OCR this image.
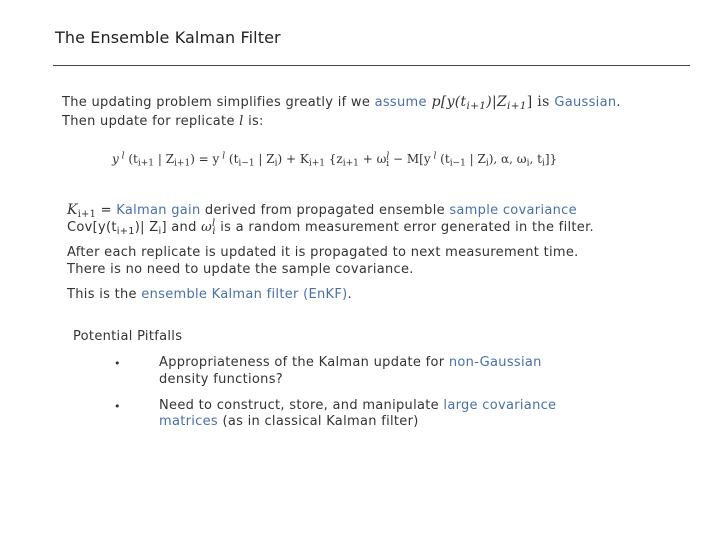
The Ensemble Kalman Filter
The updating problem simplifies greatly if we assume $p[y(t_{i+1})|Z_{i+1}]$ is Gaussian.
Then update for replicate l is:
y $^l$ ($t_{i+1}$ | $Z_{i+1}) = y$ $^l$ ($t_{i-1}$ | $Z_i) + K_{i+1}$ {$z_{i+1} + \omega^l_i - M[y$ $^l$ ($t_{i-1}$ | $Z_i$), α, $\omega_i$, $t_i$]}
$K_{i+1}$ = Kalman gain derived from propagated ensemble sample covariance
$Cov[y(t_{i+1})|$ $Z_i$] and $\omega^l_i$ is a random measurement error generated in the filter.
After each replicate is updated it is propagated to next measurement time.
There is no need to update the sample covariance.
This is the ensemble Kalman filter (EnKF).
Potential Pitfalls
•	Appropriateness of the Kalman update for non-Gaussian
density functions?
•	Need to construct, store, and manipulate large covariance
matrices (as in classical Kalman filter)
